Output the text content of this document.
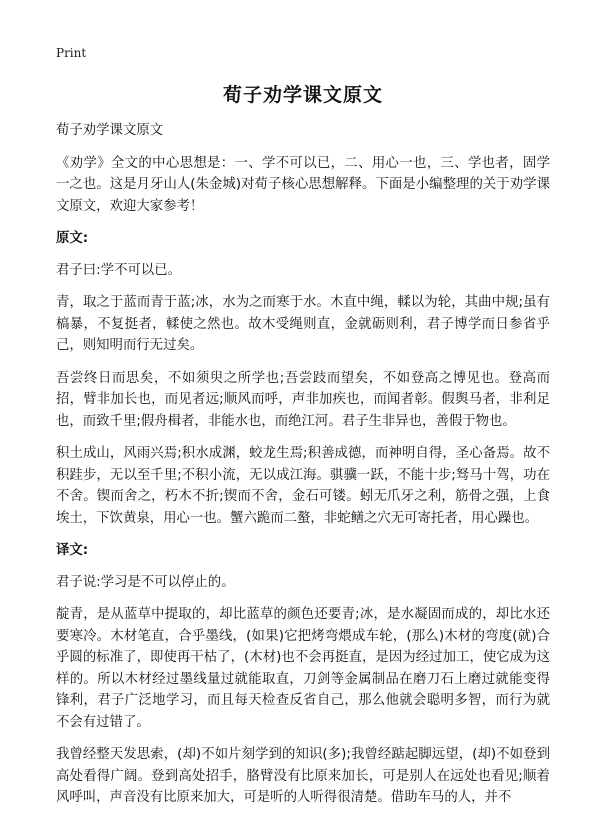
Print
荀子劝学课文原文

荀子劝学课文原文

《劝学》全文的中心思想是：一、学不可以已，二、用心一也，三、学也者，固学一之也。这是月牙山人(朱金城)对荀子核心思想解释。下面是小编整理的关于劝学课文原文，欢迎大家参考！

原文:

君子曰:学不可以已。

青，取之于蓝而青于蓝;冰，水为之而寒于水。木直中绳，輮以为轮，其曲中规;虽有槁暴，不复挺者，輮使之然也。故木受绳则直，金就砺则利，君子博学而日参省乎己，则知明而行无过矣。

吾尝终日而思矣，不如须臾之所学也;吾尝跂而望矣，不如登高之博见也。登高而招，臂非加长也，而见者远;顺风而呼，声非加疾也，而闻者彰。假舆马者，非利足也，而致千里;假舟楫者，非能水也，而绝江河。君子生非异也，善假于物也。

积土成山，风雨兴焉;积水成渊，蛟龙生焉;积善成德，而神明自得，圣心备焉。故不积跬步，无以至千里;不积小流，无以成江海。骐骥一跃，不能十步;驽马十驾，功在不舍。锲而舍之，朽木不折;锲而不舍，金石可镂。蚓无爪牙之利，筋骨之强，上食埃土，下饮黄泉，用心一也。蟹六跪而二螯，非蛇鳝之穴无可寄托者，用心躁也。

译文:

君子说:学习是不可以停止的。

靛青，是从蓝草中提取的，却比蓝草的颜色还要青;冰，是水凝固而成的，却比水还要寒冷。木材笔直，合乎墨线，(如果)它把烤弯煨成车轮，(那么)木材的弯度(就)合乎圆的标准了，即使再干枯了，(木材)也不会再挺直，是因为经过加工，使它成为这样的。所以木材经过墨线量过就能取直，刀剑等金属制品在磨刀石上磨过就能变得锋利，君子广泛地学习，而且每天检查反省自己，那么他就会聪明多智，而行为就不会有过错了。

我曾经整天发思索，(却)不如片刻学到的知识(多);我曾经踮起脚远望，(却)不如登到高处看得广阔。登到高处招手，胳臂没有比原来加长，可是别人在远处也看见;顺着风呼叫，声音没有比原来加大，可是听的人听得很清楚。借助车马的人，并不
